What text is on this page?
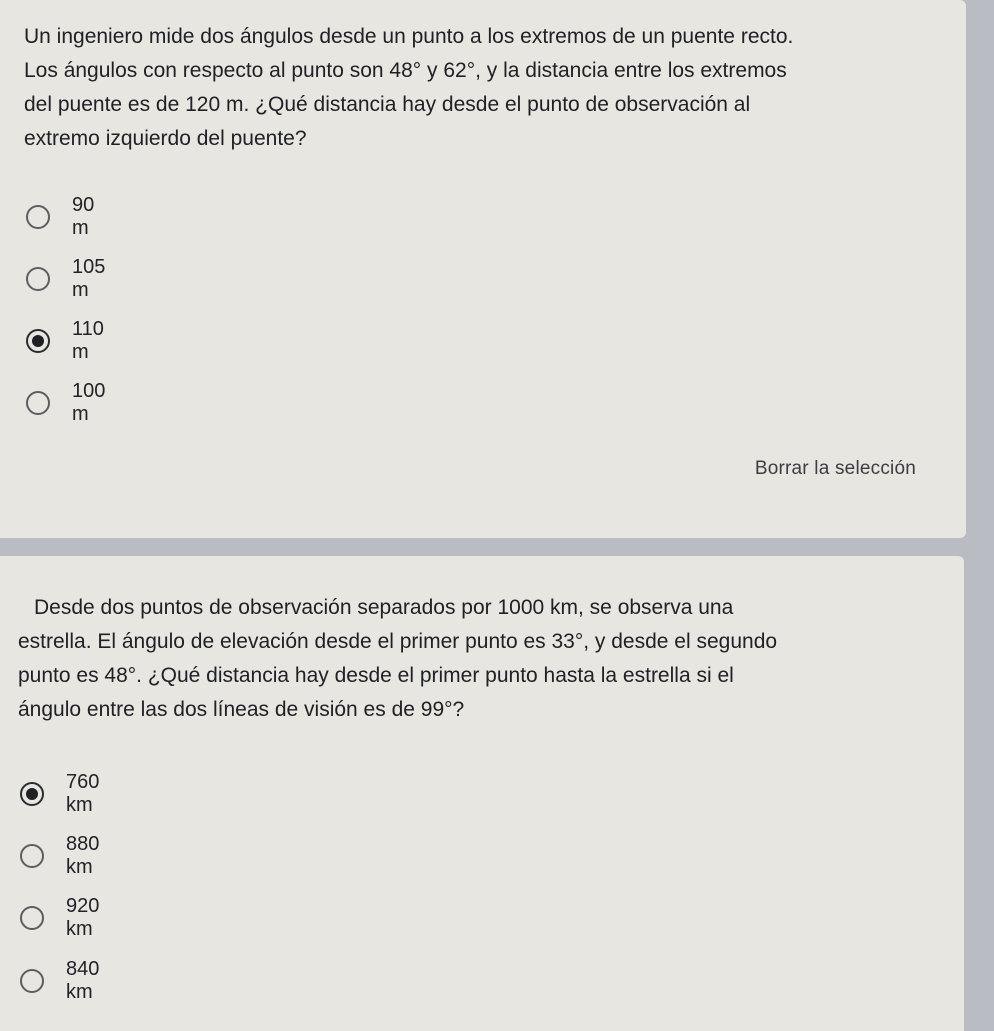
Un ingeniero mide dos ángulos desde un punto a los extremos de un puente recto.
Los ángulos con respecto al punto son 48° y 62°, y la distancia entre los extremos
del puente es de 120 m. ¿Qué distancia hay desde el punto de observación al
extremo izquierdo del puente?

90 m
105 m
110 m
100 m
Borrar la selección

Desde dos puntos de observación separados por 1000 km, se observa una
estrella. El ángulo de elevación desde el primer punto es 33°, y desde el segundo
punto es 48°. ¿Qué distancia hay desde el primer punto hasta la estrella si el
ángulo entre las dos líneas de visión es de 99°?

760 km
880 km
920 km
840 km
